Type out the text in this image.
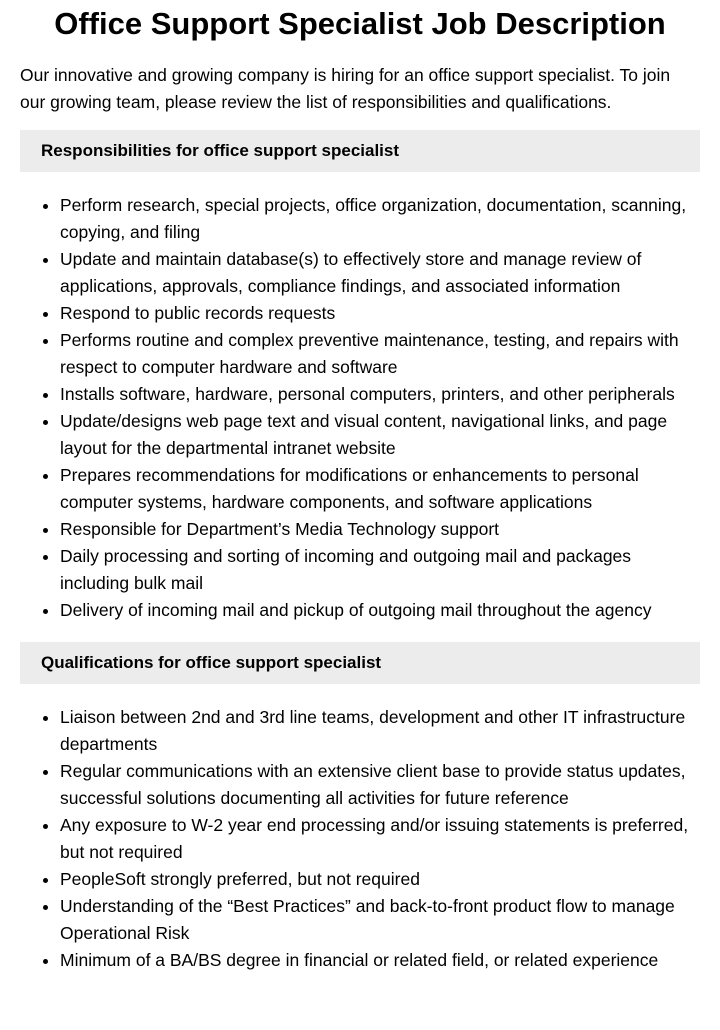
Office Support Specialist Job Description

Our innovative and growing company is hiring for an office support specialist. To join our growing team, please review the list of responsibilities and qualifications.

Responsibilities for office support specialist
• Perform research, special projects, office organization, documentation, scanning, copying, and filing
• Update and maintain database(s) to effectively store and manage review of applications, approvals, compliance findings, and associated information
• Respond to public records requests
• Performs routine and complex preventive maintenance, testing, and repairs with respect to computer hardware and software
• Installs software, hardware, personal computers, printers, and other peripherals
• Update/designs web page text and visual content, navigational links, and page layout for the departmental intranet website
• Prepares recommendations for modifications or enhancements to personal computer systems, hardware components, and software applications
• Responsible for Department’s Media Technology support
• Daily processing and sorting of incoming and outgoing mail and packages including bulk mail
• Delivery of incoming mail and pickup of outgoing mail throughout the agency
Qualifications for office support specialist
• Liaison between 2nd and 3rd line teams, development and other IT infrastructure departments
• Regular communications with an extensive client base to provide status updates, successful solutions documenting all activities for future reference
• Any exposure to W-2 year end processing and/or issuing statements is preferred, but not required
• PeopleSoft strongly preferred, but not required
• Understanding of the “Best Practices” and back-to-front product flow to manage Operational Risk
• Minimum of a BA/BS degree in financial or related field, or related experience
